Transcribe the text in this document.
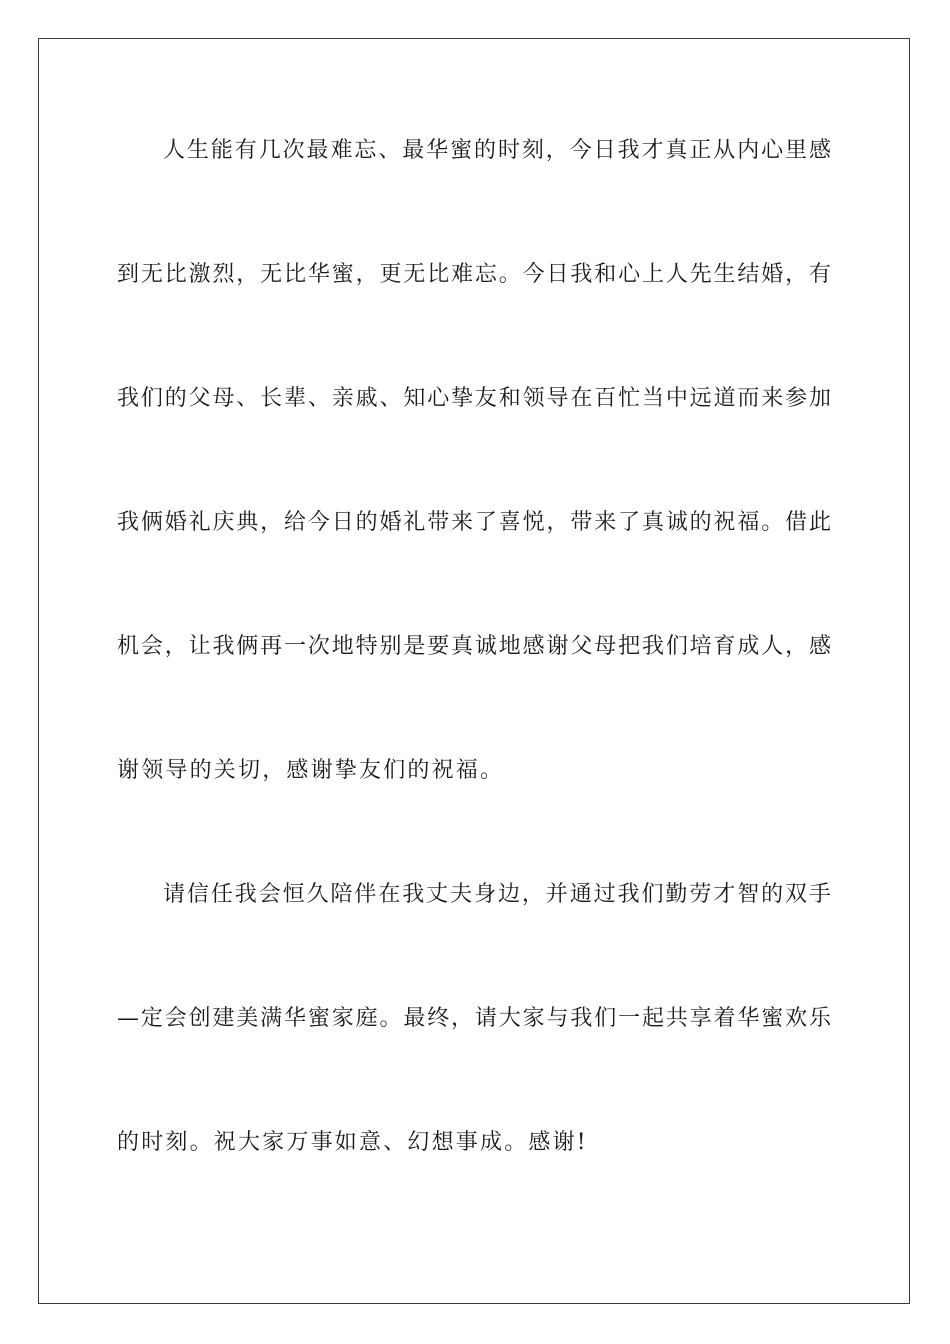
人生能有几次最难忘、最华蜜的时刻，今日我才真正从内心里感
到无比激烈，无比华蜜，更无比难忘。今日我和心上人先生结婚，有
我们的父母、长辈、亲戚、知心挚友和领导在百忙当中远道而来参加
我俩婚礼庆典，给今日的婚礼带来了喜悦，带来了真诚的祝福。借此
机会，让我俩再一次地特别是要真诚地感谢父母把我们培育成人，感
谢领导的关切，感谢挚友们的祝福。
请信任我会恒久陪伴在我丈夫身边，并通过我们勤劳才智的双手
—定会创建美满华蜜家庭。最终，请大家与我们一起共享着华蜜欢乐
的时刻。祝大家万事如意、幻想事成。感谢!
